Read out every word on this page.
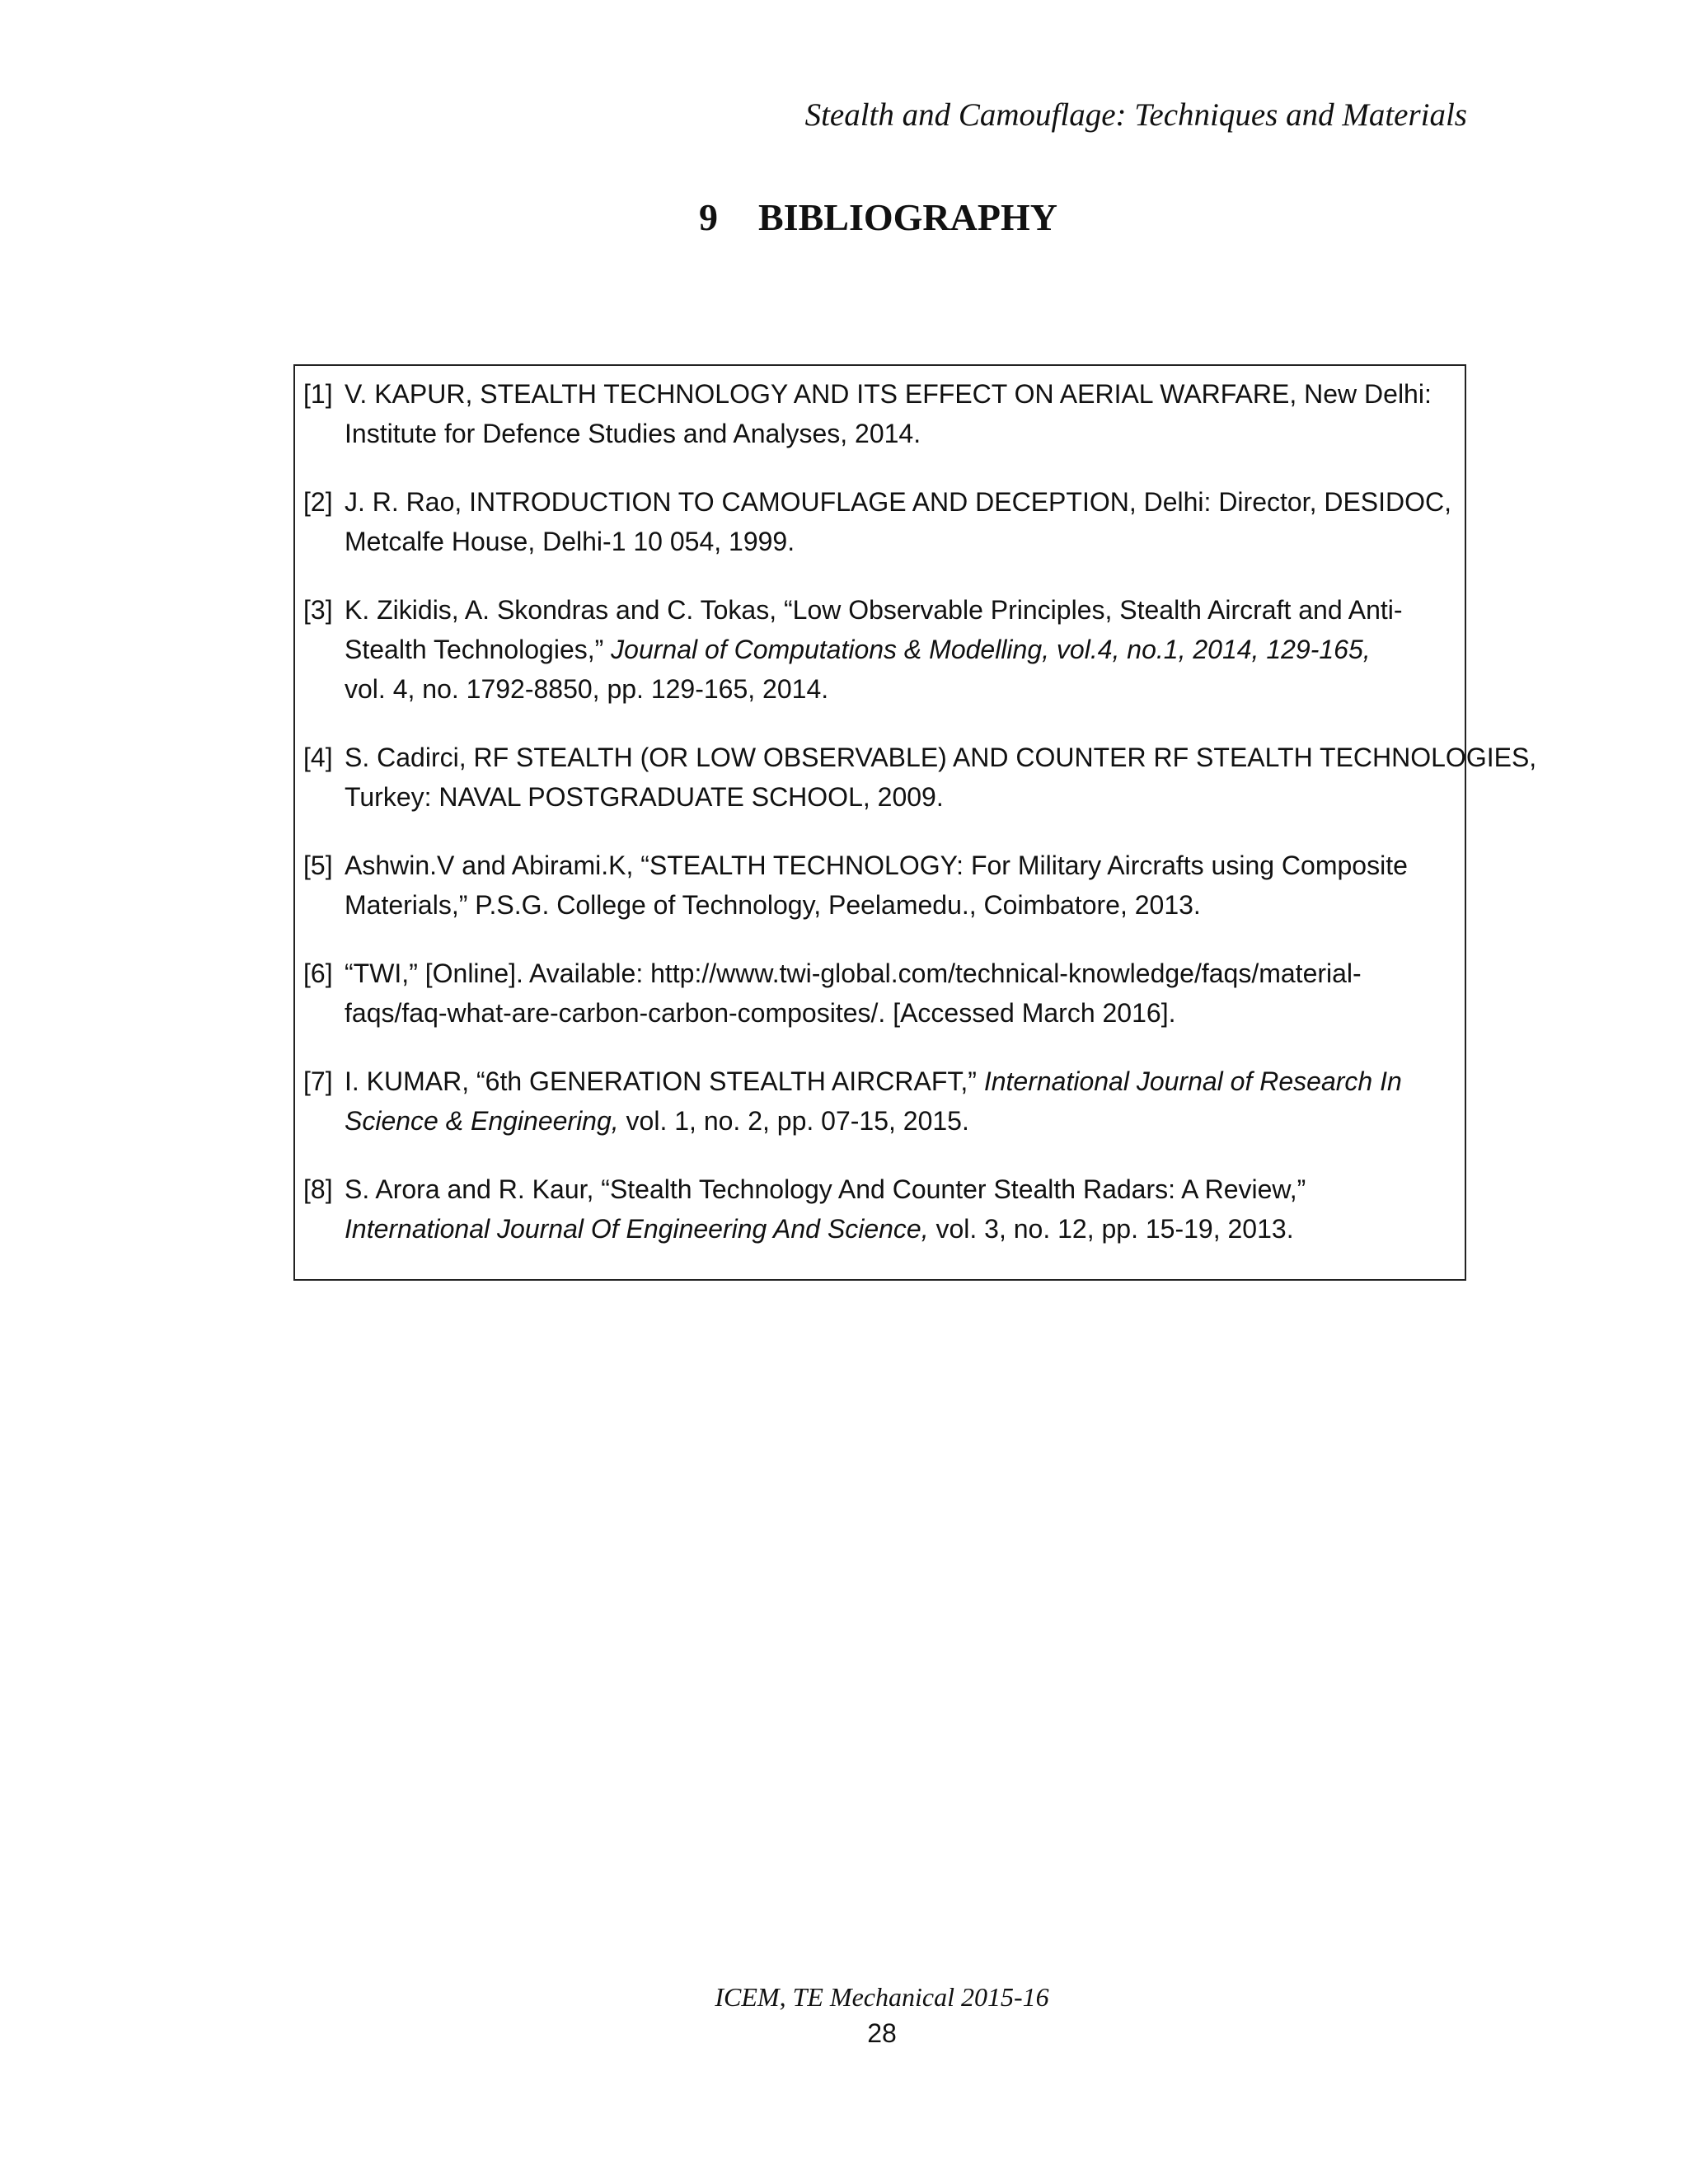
Stealth and Camouflage: Techniques and Materials
9 BIBLIOGRAPHY
[1] V. KAPUR, STEALTH TECHNOLOGY AND ITS EFFECT ON AERIAL WARFARE, New Delhi:
Institute for Defence Studies and Analyses, 2014.
[2] J. R. Rao, INTRODUCTION TO CAMOUFLAGE AND DECEPTION, Delhi: Director, DESIDOC,
Metcalfe House, Delhi-1 10 054, 1999.
[3] K. Zikidis, A. Skondras and C. Tokas, “Low Observable Principles, Stealth Aircraft and Anti-
Stealth Technologies,” Journal of Computations & Modelling, vol.4, no.1, 2014, 129-165,
vol. 4, no. 1792-8850, pp. 129-165, 2014.
[4] S. Cadirci, RF STEALTH (OR LOW OBSERVABLE) AND COUNTER RF STEALTH TECHNOLOGIES,
Turkey: NAVAL POSTGRADUATE SCHOOL, 2009.
[5] Ashwin.V and Abirami.K, “STEALTH TECHNOLOGY: For Military Aircrafts using Composite
Materials,” P.S.G. College of Technology, Peelamedu., Coimbatore, 2013.
[6] “TWI,” [Online]. Available: http://www.twi-global.com/technical-knowledge/faqs/material-
faqs/faq-what-are-carbon-carbon-composites/. [Accessed March 2016].
[7] I. KUMAR, “6th GENERATION STEALTH AIRCRAFT,” International Journal of Research In
Science & Engineering, vol. 1, no. 2, pp. 07-15, 2015.
[8] S. Arora and R. Kaur, “Stealth Technology And Counter Stealth Radars: A Review,”
International Journal Of Engineering And Science, vol. 3, no. 12, pp. 15-19, 2013.
ICEM, TE Mechanical 2015-16
28
